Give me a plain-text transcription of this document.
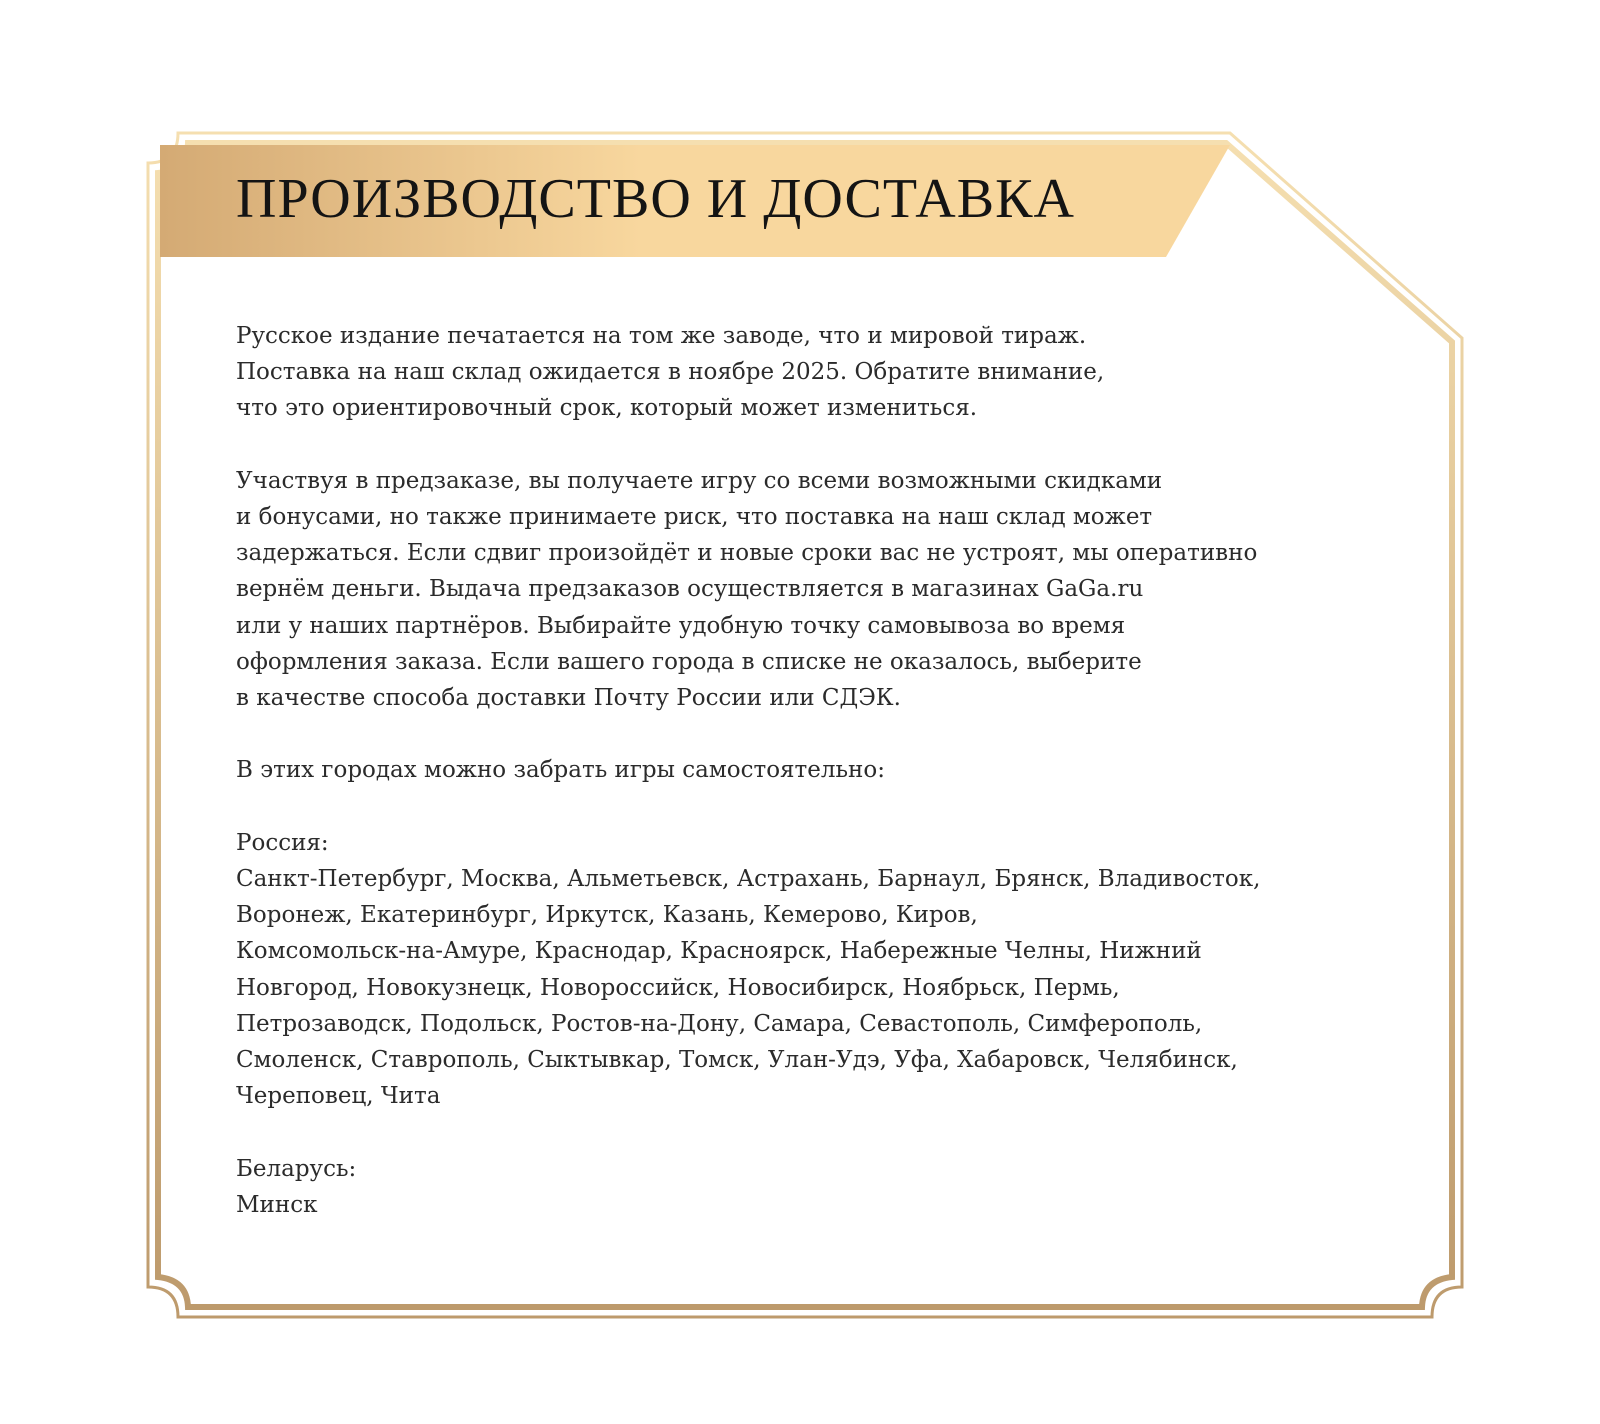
ПРОИЗВОДСТВО И ДОСТАВКА

Русское издание печатается на том же заводе, что и мировой тираж.
Поставка на наш склад ожидается в ноябре 2025. Обратите внимание,
что это ориентировочный срок, который может измениться.

Участвуя в предзаказе, вы получаете игру со всеми возможными скидками
и бонусами, но также принимаете риск, что поставка на наш склад может
задержаться. Если сдвиг произойдёт и новые сроки вас не устроят, мы оперативно
вернём деньги. Выдача предзаказов осуществляется в магазинах GaGa.ru
или у наших партнёров. Выбирайте удобную точку самовывоза во время
оформления заказа. Если вашего города в списке не оказалось, выберите
в качестве способа доставки Почту России или СДЭК.

В этих городах можно забрать игры самостоятельно:

Россия:
Санкт-Петербург, Москва, Альметьевск, Астрахань, Барнаул, Брянск, Владивосток,
Воронеж, Екатеринбург, Иркутск, Казань, Кемерово, Киров,
Комсомольск-на-Амуре, Краснодар, Красноярск, Набережные Челны, Нижний
Новгород, Новокузнецк, Новороссийск, Новосибирск, Ноябрьск, Пермь,
Петрозаводск, Подольск, Ростов-на-Дону, Самара, Севастополь, Симферополь,
Смоленск, Ставрополь, Сыктывкар, Томск, Улан-Удэ, Уфа, Хабаровск, Челябинск,
Череповец, Чита

Беларусь:
Минск
